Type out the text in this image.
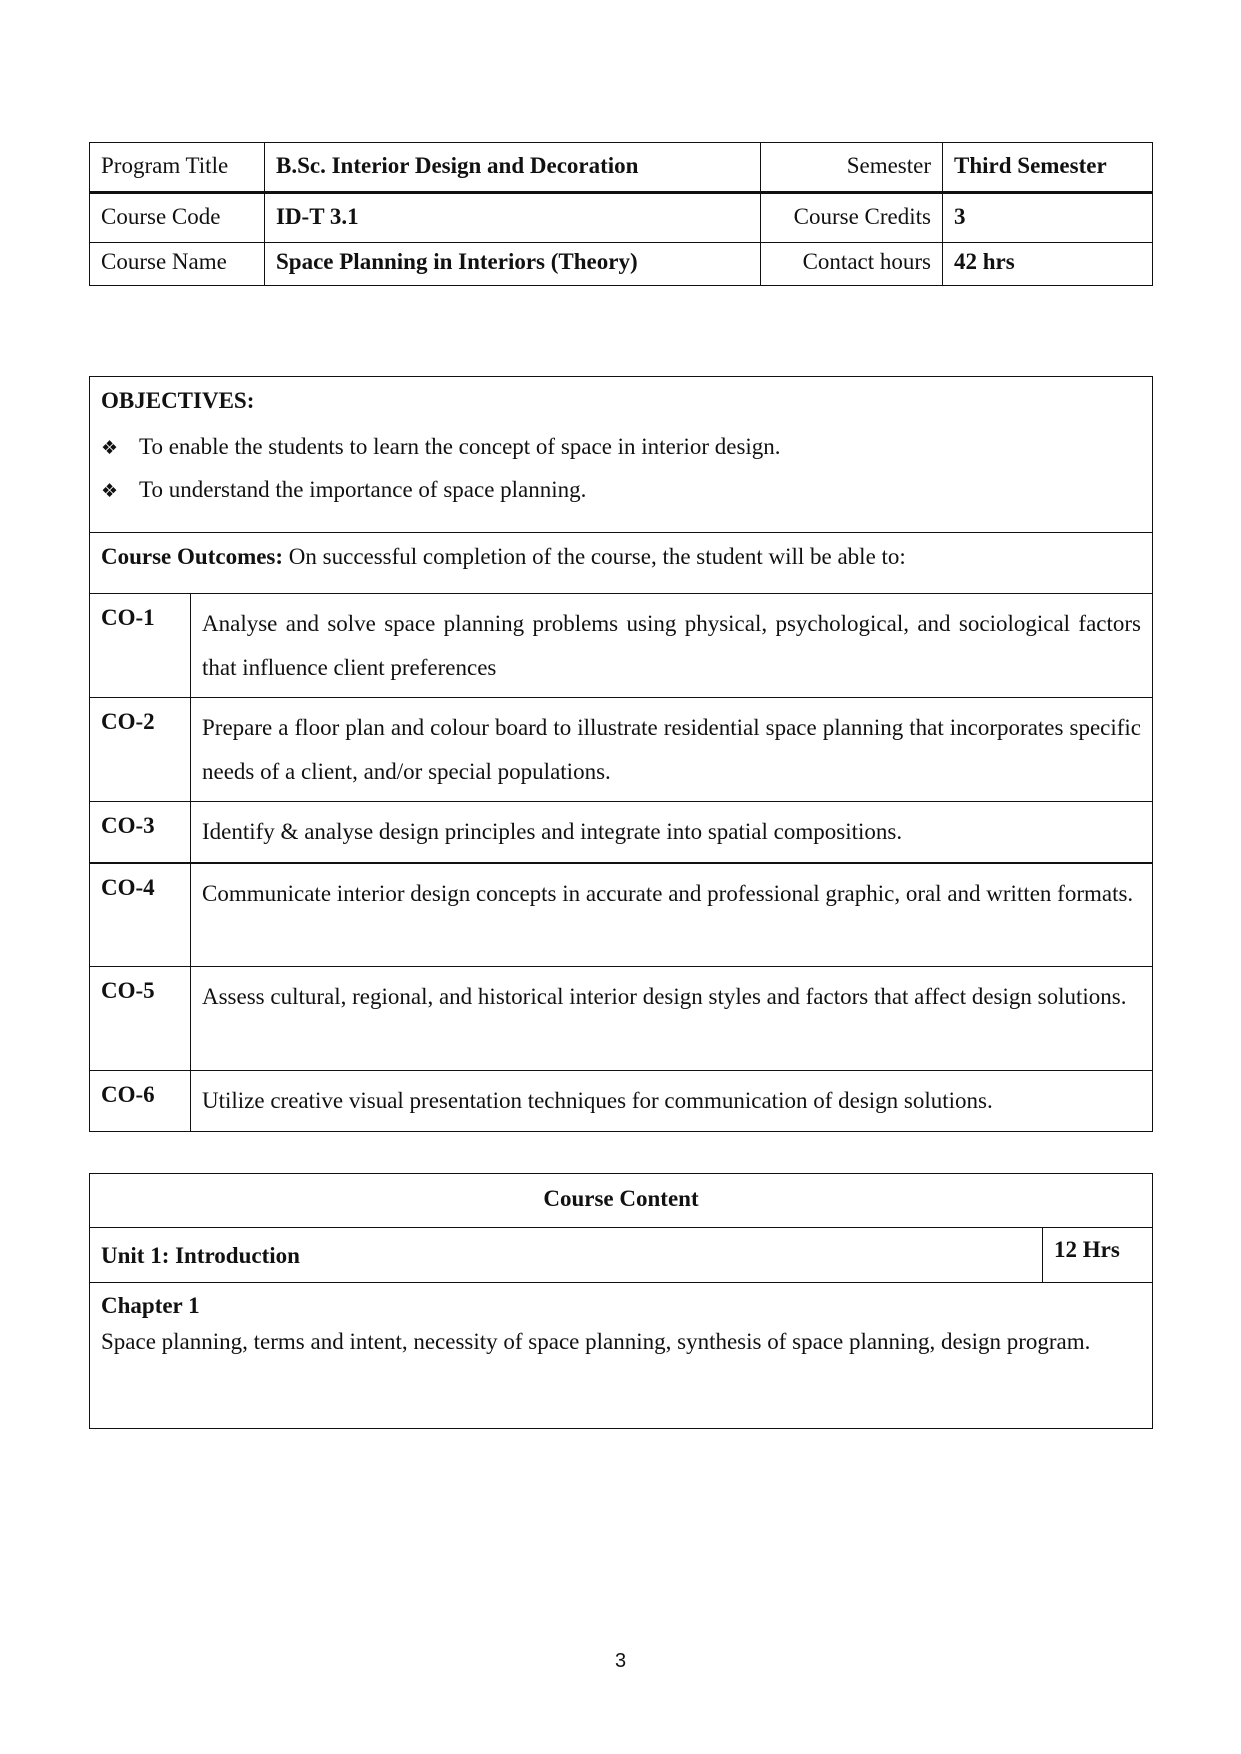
Program Title	B.Sc. Interior Design and Decoration	Semester	Third Semester
Course Code	ID-T 3.1	Course Credits	3
Course Name	Space Planning in Interiors (Theory)	Contact hours	42 hrs
OBJECTIVES:
❖ To enable the students to learn the concept of space in interior design.
❖ To understand the importance of space planning.	

Course Outcomes: On successful completion of the course, the student will be able to:	
CO-1	Analyse and solve space planning problems using physical, psychological, and sociological factors that influence client preferences
CO-2	Prepare a floor plan and colour board to illustrate residential space planning that incorporates specific needs of a client, and/or special populations.
CO-3	Identify & analyse design principles and integrate into spatial compositions.
CO-4	Communicate interior design concepts in accurate and professional graphic, oral and written formats.
CO-5	Assess cultural, regional, and historical interior design styles and factors that affect design solutions.
CO-6	Utilize creative visual presentation techniques for communication of design solutions.
Course Content
Unit 1: Introduction	12 Hrs

Chapter 1
Space planning, terms and intent, necessity of space planning, synthesis of space planning, design program.
3
